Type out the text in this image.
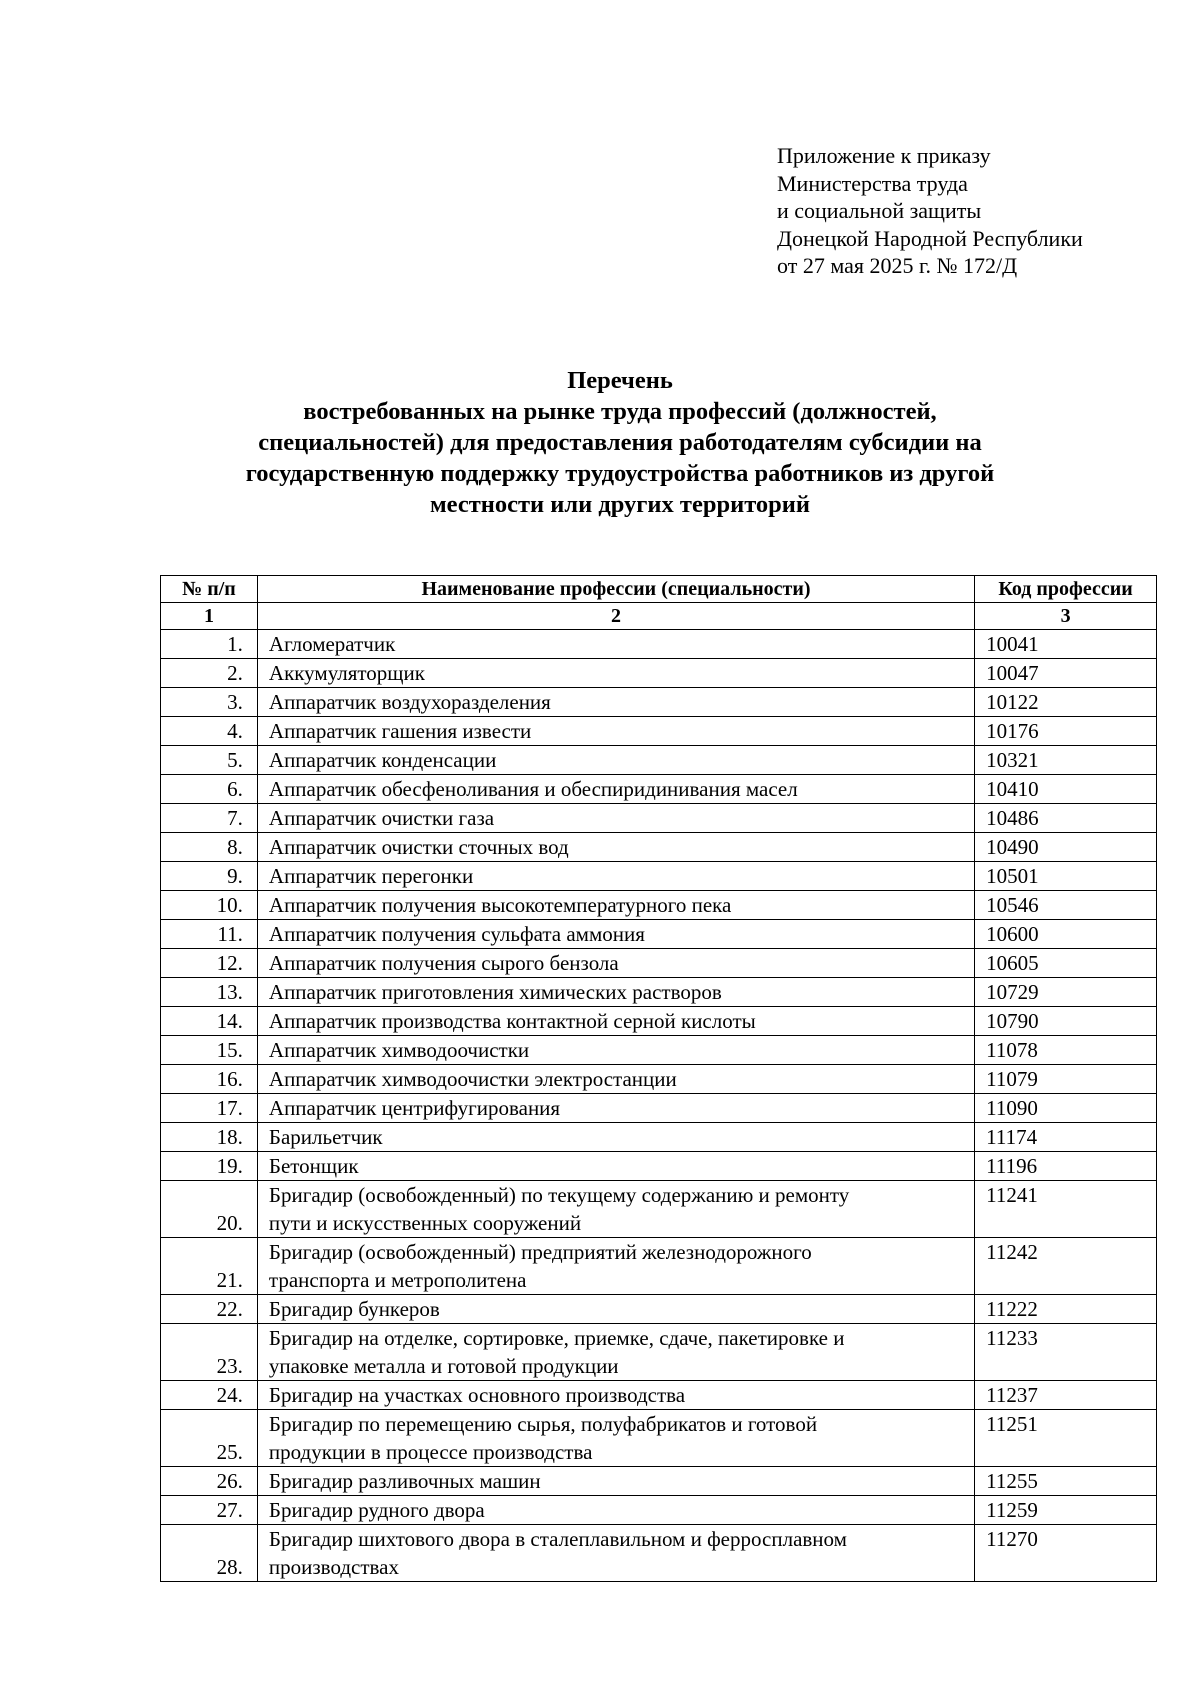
Приложение к приказу
Министерства труда
и социальной защиты
Донецкой Народной Республики
от 27 мая 2025 г. № 172/Д
Перечень
востребованных на рынке труда профессий (должностей,
специальностей) для предоставления работодателям субсидии на
государственную поддержку трудоустройства работников из другой
местности или других территорий
№ п/п	Наименование профессии (специальности)	Код профессии
1	2	3
1.	Агломератчик	10041
2.	Аккумуляторщик	10047
3.	Аппаратчик воздухоразделения	10122
4.	Аппаратчик гашения извести	10176
5.	Аппаратчик конденсации	10321
6.	Аппаратчик обесфеноливания и обеспиридинивания масел	10410
7.	Аппаратчик очистки газа	10486
8.	Аппаратчик очистки сточных вод	10490
9.	Аппаратчик перегонки	10501
10.	Аппаратчик получения высокотемпературного пека	10546
11.	Аппаратчик получения сульфата аммония	10600
12.	Аппаратчик получения сырого бензола	10605
13.	Аппаратчик приготовления химических растворов	10729
14.	Аппаратчик производства контактной серной кислоты	10790
15.	Аппаратчик химводоочистки	11078
16.	Аппаратчик химводоочистки электростанции	11079
17.	Аппаратчик центрифугирования	11090
18.	Барильетчик	11174
19.	Бетонщик	11196
20.	Бригадир (освобожденный) по текущему содержанию и ремонту
пути и искусственных сооружений	11241
21.	Бригадир (освобожденный) предприятий железнодорожного
транспорта и метрополитена	11242
22.	Бригадир бункеров	11222
23.	Бригадир на отделке, сортировке, приемке, сдаче, пакетировке и
упаковке металла и готовой продукции	11233
24.	Бригадир на участках основного производства	11237
25.	Бригадир по перемещению сырья, полуфабрикатов и готовой
продукции в процессе производства	11251
26.	Бригадир разливочных машин	11255
27.	Бригадир рудного двора	11259
28.	Бригадир шихтового двора в сталеплавильном и ферросплавном
производствах	11270
